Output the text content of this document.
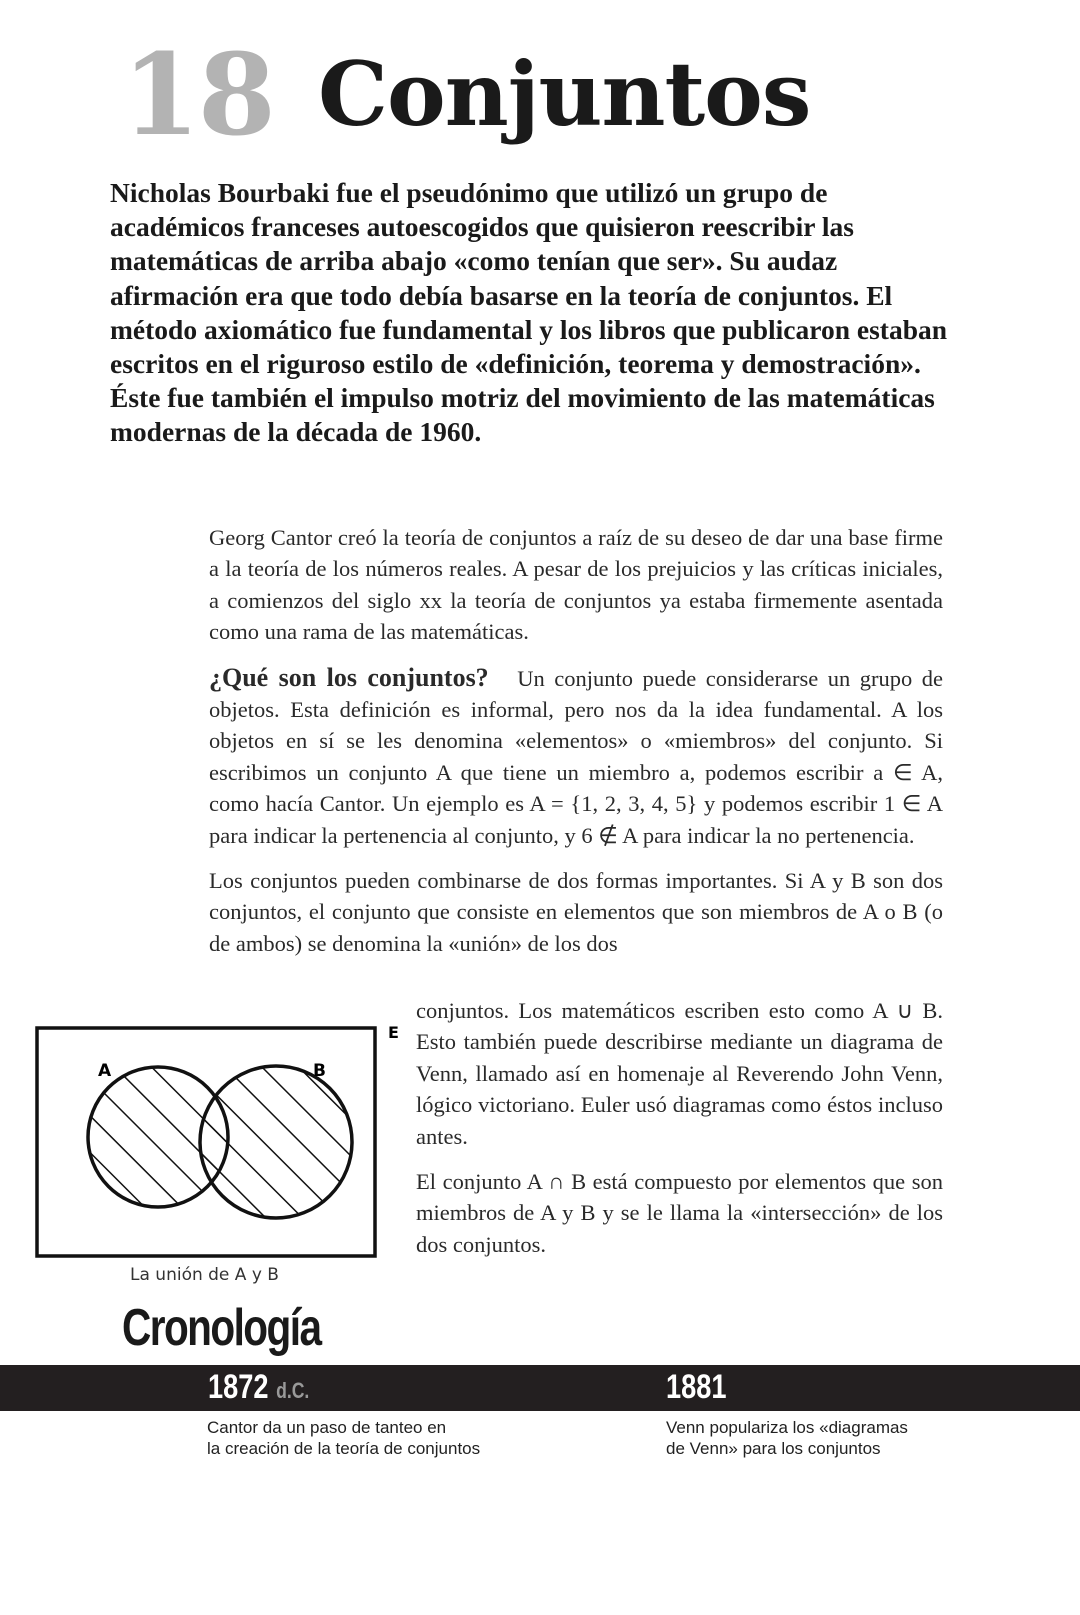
18 Conjuntos
Nicholas Bourbaki fue el pseudónimo que utilizó un grupo de académicos franceses autoescogidos que quisieron reescribir las matemáticas de arriba abajo «como tenían que ser». Su audaz afirmación era que todo debía basarse en la teoría de conjuntos. El método axiomático fue fundamental y los libros que publicaron estaban escritos en el riguroso estilo de «definición, teorema y demostración». Éste fue también el impulso motriz del movimiento de las matemáticas modernas de la década de 1960.

Georg Cantor creó la teoría de conjuntos a raíz de su deseo de dar una base firme a la teoría de los números reales. A pesar de los prejuicios y las críticas iniciales, a comienzos del siglo xx la teoría de conjuntos ya estaba firmemente asentada como una rama de las matemáticas.

¿Qué son los conjuntos? Un conjunto puede considerarse un grupo de objetos. Esta definición es informal, pero nos da la idea fundamental. A los objetos en sí se les denomina «elementos» o «miembros» del conjunto. Si escribimos un conjunto A que tiene un miembro a, podemos escribir a ∈ A, como hacía Cantor. Un ejemplo es A = {1, 2, 3, 4, 5} y podemos escribir 1 ∈ A para indicar la pertenencia al conjunto, y 6 ∉ A para indicar la no pertenencia.

Los conjuntos pueden combinarse de dos formas importantes. Si A y B son dos conjuntos, el conjunto que consiste en elementos que son miembros de A o B (o de ambos) se denomina la «unión» de los dos

conjuntos. Los matemáticos escriben esto como A ∪ B. Esto también puede describirse mediante un diagrama de Venn, llamado así en homenaje al Reverendo John Venn, lógico victoriano. Euler usó diagramas como éstos incluso antes.

El conjunto A ∩ B está compuesto por elementos que son miembros de A y B y se le llama la «intersección» de los dos conjuntos.

A	B
E
La unión de A y B
Cronología
1872 d.C.	1881
Cantor da un paso de tanteo en
la creación de la teoría de conjuntos
Venn populariza los «diagramas
de Venn» para los conjuntos
